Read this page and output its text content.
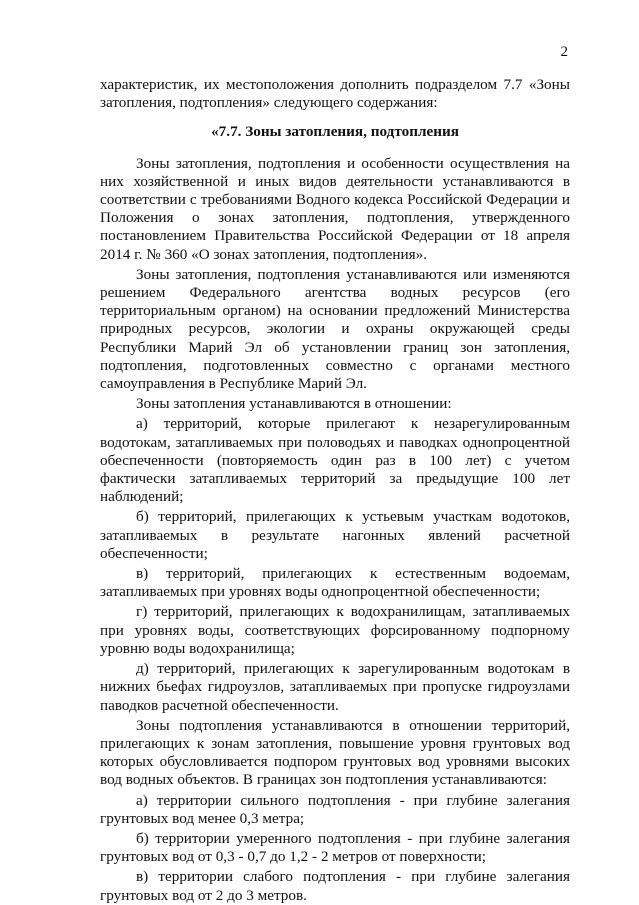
2

характеристик, их местоположения дополнить подразделом 7.7 «Зоны затопления, подтопления» следующего содержания:

«7.7. Зоны затопления, подтопления

Зоны затопления, подтопления и особенности осуществления на них хозяйственной и иных видов деятельности устанавливаются в соответствии с требованиями Водного кодекса Российской Федерации и Положения о зонах затопления, подтопления, утвержденного постановлением Правительства Российской Федерации от 18 апреля 2014 г. № 360 «О зонах затопления, подтопления».

Зоны затопления, подтопления устанавливаются или изменяются решением Федерального агентства водных ресурсов (его территориальным органом) на основании предложений Министерства природных ресурсов, экологии и охраны окружающей среды Республики Марий Эл об установлении границ зон затопления, подтопления, подготовленных совместно с органами местного самоуправления в Республике Марий Эл.

Зоны затопления устанавливаются в отношении:

а) территорий, которые прилегают к незарегулированным водотокам, затапливаемых при половодьях и паводках однопроцентной обеспеченности (повторяемость один раз в 100 лет) с учетом фактически затапливаемых территорий за предыдущие 100 лет наблюдений;

б) территорий, прилегающих к устьевым участкам водотоков, затапливаемых в результате нагонных явлений расчетной обеспеченности;

в) территорий, прилегающих к естественным водоемам, затапливаемых при уровнях воды однопроцентной обеспеченности;

г) территорий, прилегающих к водохранилищам, затапливаемых при уровнях воды, соответствующих форсированному подпорному уровню воды водохранилища;

д) территорий, прилегающих к зарегулированным водотокам в нижних бьефах гидроузлов, затапливаемых при пропуске гидроузлами паводков расчетной обеспеченности.

Зоны подтопления устанавливаются в отношении территорий, прилегающих к зонам затопления, повышение уровня грунтовых вод которых обусловливается подпором грунтовых вод уровнями высоких вод водных объектов. В границах зон подтопления устанавливаются:

а) территории сильного подтопления - при глубине залегания грунтовых вод менее 0,3 метра;

б) территории умеренного подтопления - при глубине залегания грунтовых вод от 0,3 - 0,7 до 1,2 - 2 метров от поверхности;

в) территории слабого подтопления - при глубине залегания грунтовых вод от 2 до 3 метров.
